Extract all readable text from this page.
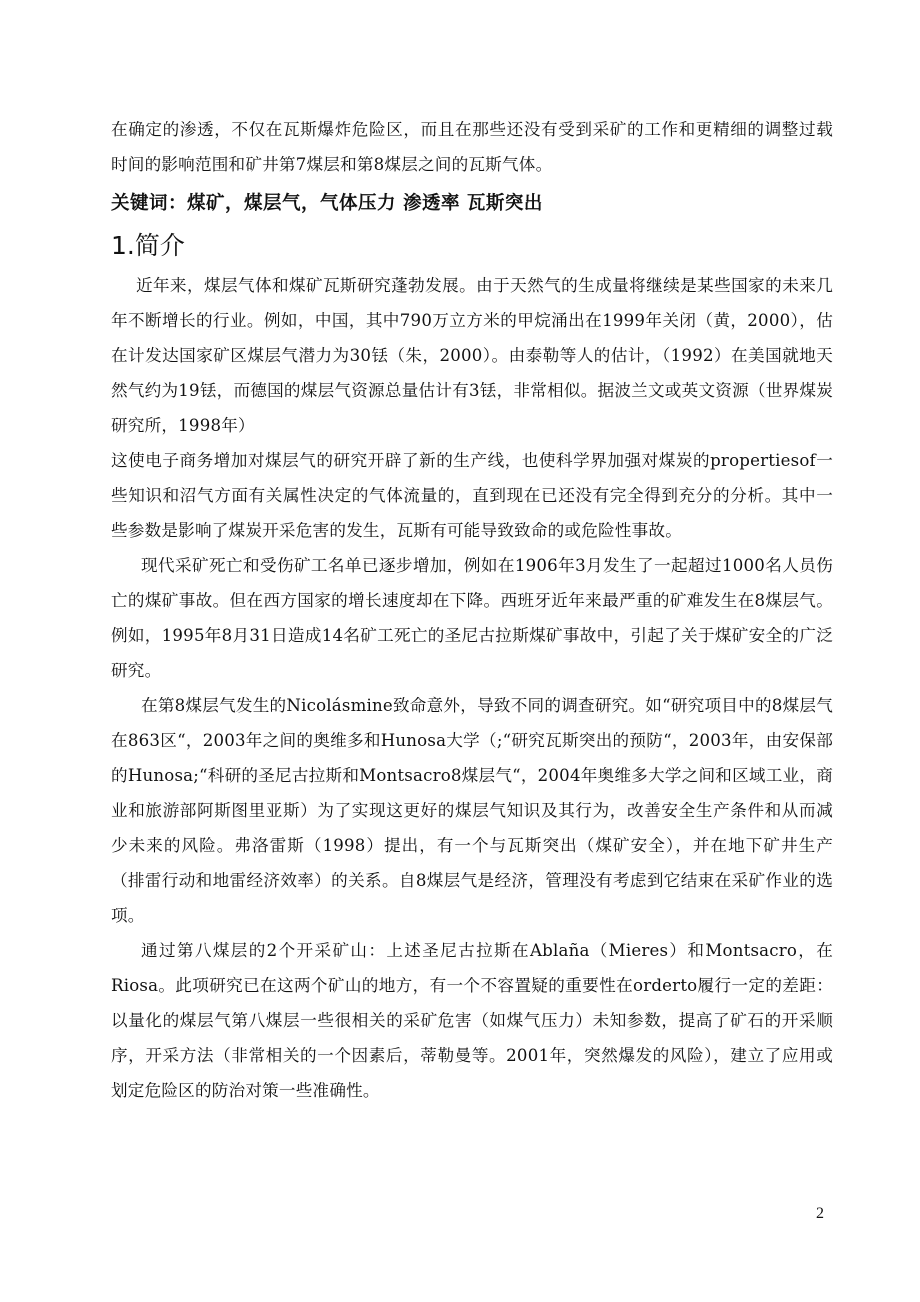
在确定的渗透，不仅在瓦斯爆炸危险区，而且在那些还没有受到采矿的工作和更精细的调整过载时间的影响范围和矿井第7煤层和第8煤层之间的瓦斯气体。

关键词：煤矿，煤层气，气体压力 渗透率 瓦斯突出

1.简介

近年来，煤层气体和煤矿瓦斯研究蓬勃发展。由于天然气的生成量将继续是某些国家的未来几年不断增长的行业。例如，中国，其中790万立方米的甲烷涌出在1999年关闭（黄，2000），估在计发达国家矿区煤层气潜力为30铥（朱，2000）。由泰勒等人的估计，（1992）在美国就地天然气约为19铥，而德国的煤层气资源总量估计有3铥，非常相似。据波兰文或英文资源（世界煤炭研究所，1998年）

这使电子商务增加对煤层气的研究开辟了新的生产线，也使科学界加强对煤炭的propertiesof一些知识和沼气方面有关属性决定的气体流量的，直到现在已还没有完全得到充分的分析。其中一些参数是影响了煤炭开采危害的发生，瓦斯有可能导致致命的或危险性事故。

现代采矿死亡和受伤矿工名单已逐步增加，例如在1906年3月发生了一起超过1000名人员伤亡的煤矿事故。但在西方国家的增长速度却在下降。西班牙近年来最严重的矿难发生在8煤层气。例如，1995年8月31日造成14名矿工死亡的圣尼古拉斯煤矿事故中，引起了关于煤矿安全的广泛研究。

在第8煤层气发生的Nicolásmine致命意外，导致不同的调查研究。如“研究项目中的8煤层气在863区“，2003年之间的奥维多和Hunosa大学（;“研究瓦斯突出的预防“，2003年，由安保部的Hunosa;“科研的圣尼古拉斯和Montsacro8煤层气“，2004年奥维多大学之间和区域工业，商业和旅游部阿斯图里亚斯）为了实现这更好的煤层气知识及其行为，改善安全生产条件和从而减少未来的风险。弗洛雷斯（1998）提出，有一个与瓦斯突出（煤矿安全），并在地下矿井生产（排雷行动和地雷经济效率）的关系。自8煤层气是经济，管理没有考虑到它结束在采矿作业的选项。

通过第八煤层的2个开采矿山：上述圣尼古拉斯在Ablaña（Mieres）和Montsacro，在Riosa。此项研究已在这两个矿山的地方，有一个不容置疑的重要性在orderto履行一定的差距：以量化的煤层气第八煤层一些很相关的采矿危害（如煤气压力）未知参数，提高了矿石的开采顺序，开采方法（非常相关的一个因素后，蒂勒曼等。2001年，突然爆发的风险），建立了应用或划定危险区的防治对策一些准确性。

2
